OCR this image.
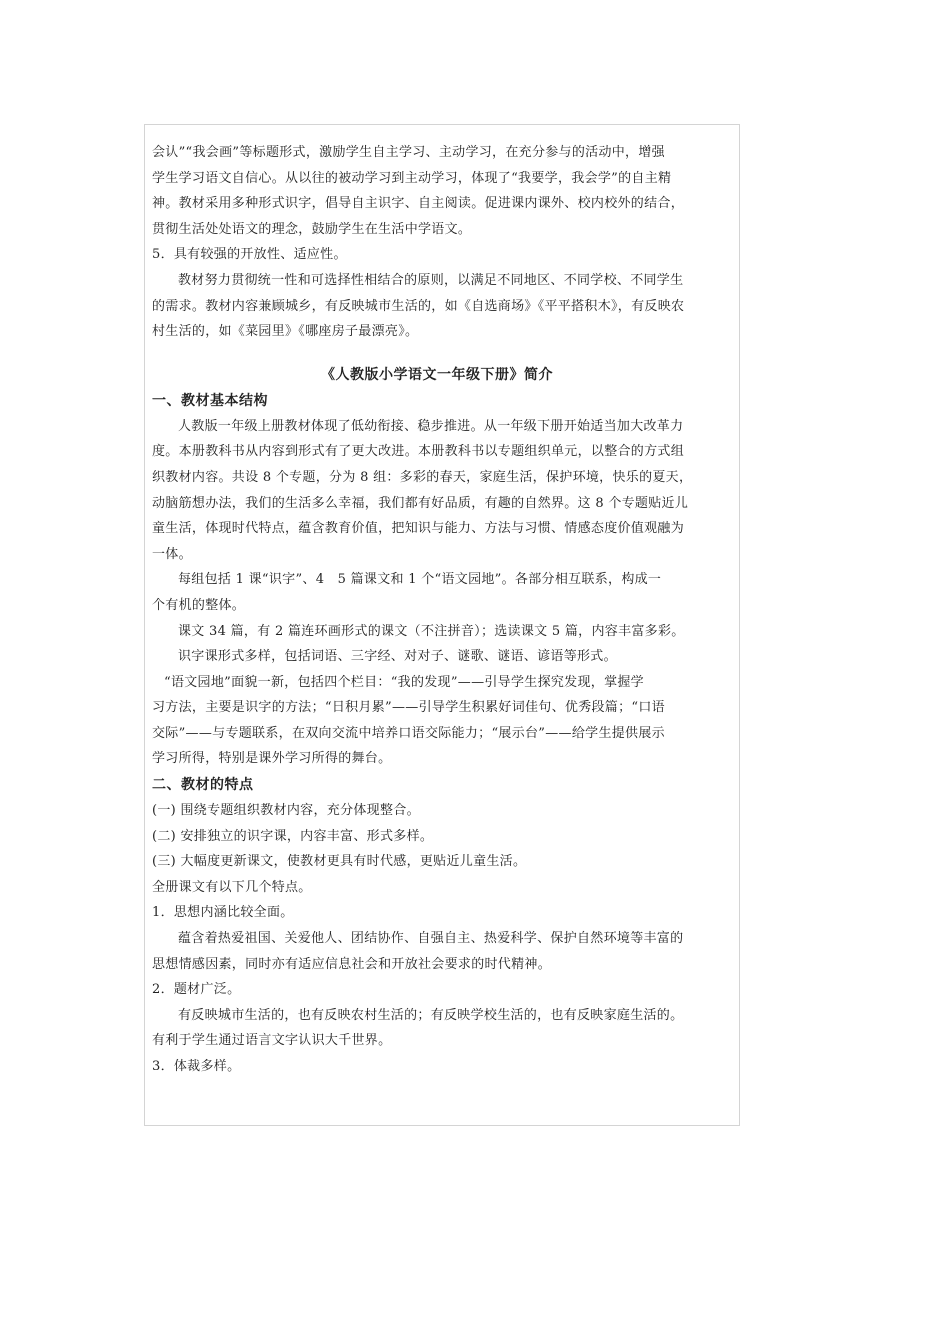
会认”“我会画”等标题形式，激励学生自主学习、主动学习，在充分参与的活动中，增强
学生学习语文自信心。从以往的被动学习到主动学习，体现了“我要学，我会学”的自主精
神。教材采用多种形式识字，倡导自主识字、自主阅读。促进课内课外、校内校外的结合，
贯彻生活处处语文的理念，鼓励学生在生活中学语文。
5．具有较强的开放性、适应性。
教材努力贯彻统一性和可选择性相结合的原则，以满足不同地区、不同学校、不同学生
的需求。教材内容兼顾城乡，有反映城市生活的，如《自选商场》《平平搭积木》，有反映农
村生活的，如《菜园里》《哪座房子最漂亮》。
《人教版小学语文一年级下册》简介
一、教材基本结构
人教版一年级上册教材体现了低幼衔接、稳步推进。从一年级下册开始适当加大改革力
度。本册教科书从内容到形式有了更大改进。本册教科书以专题组织单元，以整合的方式组
织教材内容。共设 8 个专题，分为 8 组：多彩的春天，家庭生活，保护环境，快乐的夏天，
动脑筋想办法，我们的生活多么幸福，我们都有好品质，有趣的自然界。这 8 个专题贴近儿
童生活，体现时代特点，蕴含教育价值，把知识与能力、方法与习惯、情感态度价值观融为
一体。
每组包括 1 课“识字”、4　5 篇课文和 1 个“语文园地”。各部分相互联系，构成一
个有机的整体。
课文 34 篇，有 2 篇连环画形式的课文（不注拼音）；选读课文 5 篇，内容丰富多彩。
识字课形式多样，包括词语、三字经、对对子、谜歌、谜语、谚语等形式。
“语文园地”面貌一新，包括四个栏目：“我的发现”——引导学生探究发现，掌握学
习方法，主要是识字的方法；“日积月累”——引导学生积累好词佳句、优秀段篇；“口语
交际”——与专题联系，在双向交流中培养口语交际能力；“展示台”——给学生提供展示
学习所得，特别是课外学习所得的舞台。
二、教材的特点
(一) 围绕专题组织教材内容，充分体现整合。
(二) 安排独立的识字课，内容丰富、形式多样。
(三) 大幅度更新课文，使教材更具有时代感，更贴近儿童生活。
全册课文有以下几个特点。
1．思想内涵比较全面。
蕴含着热爱祖国、关爱他人、团结协作、自强自主、热爱科学、保护自然环境等丰富的
思想情感因素，同时亦有适应信息社会和开放社会要求的时代精神。
2．题材广泛。
有反映城市生活的，也有反映农村生活的；有反映学校生活的，也有反映家庭生活的。
有利于学生通过语言文字认识大千世界。
3．体裁多样。
